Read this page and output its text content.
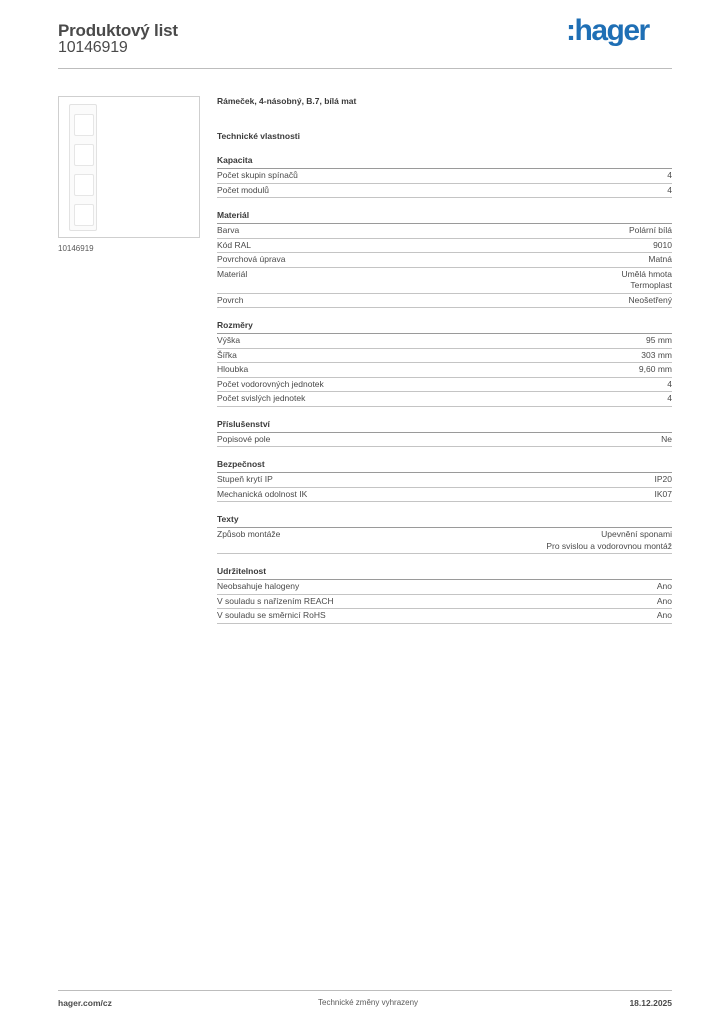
Produktový list
10146919
:hager
10146919
Rámeček, 4-násobný, B.7, bílá mat
Technické vlastnosti
Kapacita
Počet skupin spínačů	4
Počet modulů	4
Materiál
Barva	Polární bílá
Kód RAL	9010
Povrchová úprava	Matná
Materiál	Umělá hmota
Termoplast
Povrch	Neošetřený
Rozměry
Výška	95 mm
Šířka	303 mm
Hloubka	9,60 mm
Počet vodorovných jednotek	4
Počet svislých jednotek	4
Příslušenství
Popisové pole	Ne
Bezpečnost
Stupeň krytí IP	IP20
Mechanická odolnost IK	IK07
Texty
Způsob montáže	Upevnění sponami
Pro svislou a vodorovnou montáž
Udržitelnost
Neobsahuje halogeny	Ano
V souladu s nařízením REACH	Ano
V souladu se směrnicí RoHS	Ano
hager.com/cz	Technické změny vyhrazeny	18.12.2025
